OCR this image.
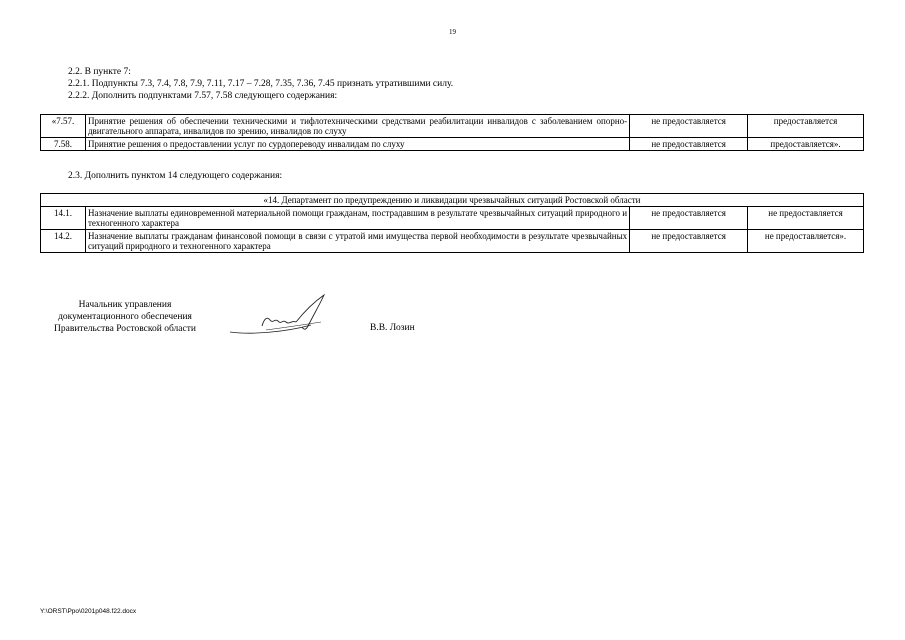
19
2.2. В пункте 7:
2.2.1. Подпункты 7.3, 7.4, 7.8, 7.9, 7.11, 7.17 – 7.28, 7.35, 7.36, 7.45 признать утратившими силу.
2.2.2. Дополнить подпунктами 7.57, 7.58 следующего содержания:
«7.57.	Принятие решения об обеспечении техническими и тифлотехническими средствами реабилитации инвалидов с заболеванием опорно-двигательного аппарата, инвалидов по зрению, инвалидов по слуху	не предоставляется	предоставляется
7.58.	Принятие решения о предоставлении услуг по сурдопереводу инвалидам по слуху	не предоставляется	предоставляется».
2.3. Дополнить пунктом 14 следующего содержания:
«14. Департамент по предупреждению и ликвидации чрезвычайных ситуаций Ростовской области			
14.1.	Назначение выплаты единовременной материальной помощи гражданам, пострадавшим в результате чрезвычайных ситуаций природного и техногенного характера	не предоставляется	не предоставляется
14.2.	Назначение выплаты гражданам финансовой помощи в связи с утратой ими имущества первой необходимости в результате чрезвычайных ситуаций природного и техногенного характера	не предоставляется	не предоставляется».
Начальник управления
документационного обеспечения
Правительства Ростовской области	В.В. Лозин
Y:\ORST\Ppo\0201p048.f22.docx
